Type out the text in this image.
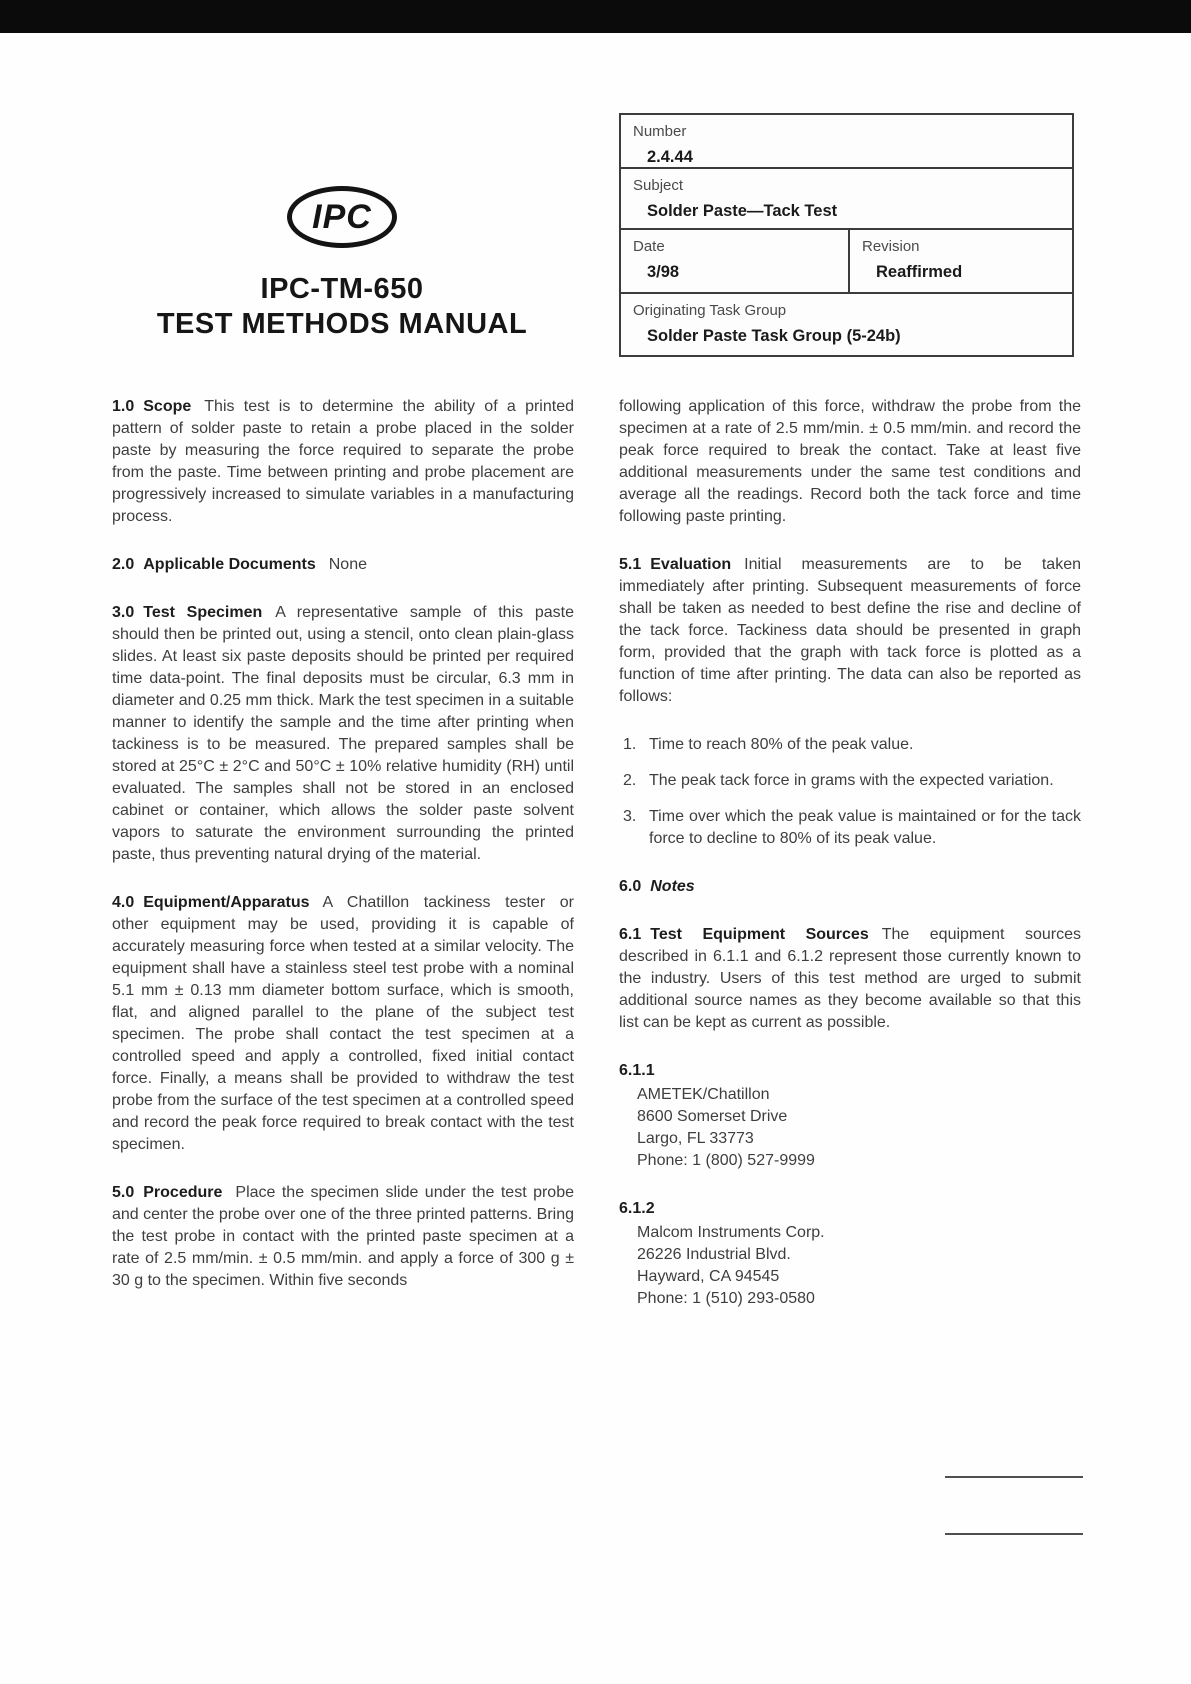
IPC
IPC-TM-650
TEST METHODS MANUAL
Number
2.4.44
Subject
Solder Paste—Tack Test
Date
3/98
Revision
Reaffirmed
Originating Task Group
Solder Paste Task Group (5-24b)

1.0 Scope This test is to determine the ability of a printed pattern of solder paste to retain a probe placed in the solder paste by measuring the force required to separate the probe from the paste. Time between printing and probe placement are progressively increased to simulate variables in a manufacturing process.

2.0 Applicable Documents None

3.0 Test Specimen A representative sample of this paste should then be printed out, using a stencil, onto clean plain-glass slides. At least six paste deposits should be printed per required time data-point. The final deposits must be circular, 6.3 mm in diameter and 0.25 mm thick. Mark the test specimen in a suitable manner to identify the sample and the time after printing when tackiness is to be measured. The prepared samples shall be stored at 25°C ± 2°C and 50°C ± 10% relative humidity (RH) until evaluated. The samples shall not be stored in an enclosed cabinet or container, which allows the solder paste solvent vapors to saturate the environment surrounding the printed paste, thus preventing natural drying of the material.

4.0 Equipment/Apparatus A Chatillon tackiness tester or other equipment may be used, providing it is capable of accurately measuring force when tested at a similar velocity. The equipment shall have a stainless steel test probe with a nominal 5.1 mm ± 0.13 mm diameter bottom surface, which is smooth, flat, and aligned parallel to the plane of the subject test specimen. The probe shall contact the test specimen at a controlled speed and apply a controlled, fixed initial contact force. Finally, a means shall be provided to withdraw the test probe from the surface of the test specimen at a controlled speed and record the peak force required to break contact with the test specimen.

5.0 Procedure Place the specimen slide under the test probe and center the probe over one of the three printed patterns. Bring the test probe in contact with the printed paste specimen at a rate of 2.5 mm/min. ± 0.5 mm/min. and apply a force of 300 g ± 30 g to the specimen. Within five seconds

following application of this force, withdraw the probe from the specimen at a rate of 2.5 mm/min. ± 0.5 mm/min. and record the peak force required to break the contact. Take at least five additional measurements under the same test conditions and average all the readings. Record both the tack force and time following paste printing.

5.1 Evaluation Initial measurements are to be taken immediately after printing. Subsequent measurements of force shall be taken as needed to best define the rise and decline of the tack force. Tackiness data should be presented in graph form, provided that the graph with tack force is plotted as a function of time after printing. The data can also be reported as follows:

1. Time to reach 80% of the peak value.
2. The peak tack force in grams with the expected variation.
3. Time over which the peak value is maintained or for the tack force to decline to 80% of its peak value.

6.0 Notes

6.1 Test Equipment Sources The equipment sources described in 6.1.1 and 6.1.2 represent those currently known to the industry. Users of this test method are urged to submit additional source names as they become available so that this list can be kept as current as possible.

6.1.1
AMETEK/Chatillon
8600 Somerset Drive
Largo, FL 33773
Phone: 1 (800) 527-9999
6.1.2
Malcom Instruments Corp.
26226 Industrial Blvd.
Hayward, CA 94545
Phone: 1 (510) 293-0580
